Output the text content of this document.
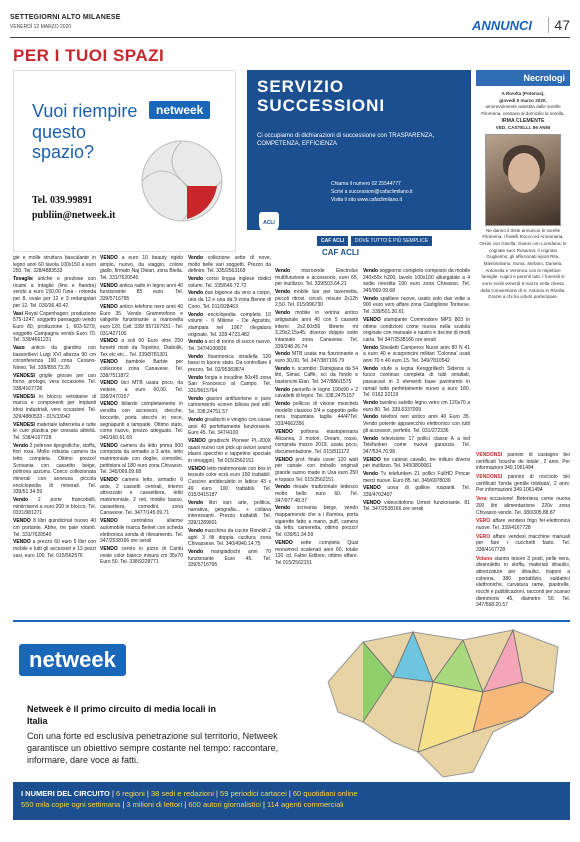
SETTEGIORNI ALTO MILANESE
VENERDÌ 12 MARZO 2020	ANNUNCI	47
PER I TUOI SPAZI
Vuoi riempire questo spazio?
netweek
Tel. 039.99891
publiin@netweek.it
SERVIZIO
SUCCESSIONI
Ci occupiamo di dichiarazioni di successione con TRASPARENZA, COMPETENZA, EFFICIENZA
Chiama il numero 02 25544777
Scrivi a successioni@cafaclimilano.it
Visita il sito www.cafaclimilano.it
ACLI
CAF ACLI	DOVE TUTTO È PIÙ SEMPLICE
CAF ACLI
Necrologi
A Rivolta (Potenza),
giovedì 5 marzo 2020,
amorevolmente assistita dalle sorelle Filomena, cessava al domicilio la sorella,
IRMA CLEMENTE
VED. CASTELLI, 86 ANNI
Ne danno il triste annuncio le sorelle Filomena, i fratelli Rocco ed Annamaria, Orsini con Gisella, Gianni con Loredana; le cognate suor Rosanna; il cognato Guglielmo; gli affezionati nipoti Rita, Massimiliano, Sonia, Stefano, Daniela, Antonella e Veronica con le rispettive famiglie, cugini e parenti tutti. I funerali si sono svolti venerdì 6 marzo nella chiesa della Conversione di S. Antonio in Rivolta. Grazie a chi ha voluto partecipare.

gie e molle struttura basculante in legno anni 60 tavola 100x150 a euro 250. Tel. 328/4883533

Tovaglie uniche e preziose con ricami a intaglio (lino e fiandra) vendo a euro 150,00 l'una - rotonda per 8, ovale per 12 e 3 rettangolari per 12. Tel. 030/36.40.42

Vasi Royal Copenhagen: produzione 575-1247, soggetto paesaggio vendo Euro 80, produzione 1, 603-5279, soggetto Campagna vendo Euro 70. Tel. 339/4661231

Vaso antico da giardino con bassorilievi Luigi XVI altezza 90 cm circonferenza 190 zona Cesano-Ninno. Tel. 339/858.73.26

VENDESI griglie grosse per uso forno, prologo, vera occasione. Tel. 338/4167728

VENDESI in blocco vetrataine di marca e componenti per impianti idrici industriali, vere occasioni. Tel. 329/4880533 - 015/33042

VENDESI materiale latterreria e tutte le cure plastica per cessata attività. Tel. 338/4167728

Vendo 2 poltrone tipografiche, stoffa, fiori rosa. Molto robusta camera da letto completa. Ottimo prezzo! Scrivania con cassetto beige, poltrona azzurra. Conco collezionata minerali con annessa piccola enciclopedia di minerali. Tel. 339/51.34.59

Vendo 2 porte francobolli, miniirriservi a euro 200 in blocco. Tel. 0331/981271

VENDO 8 libri quindicinal nuovo 40 cm portante. Abhe, tre pale rotanti. Tel. 331/7620540

VENDO a prezzo 60 euro 5 libri con mobile e tutti gli accessori e 13 pezzi vasi, euro 100. Tel. 015/562576

VENDO a euro 10 beauty rigido ampio, nuovo, da viaggio, colore giallo, firmato Naj Oleari, zona Biella. Tel. 331/7620540

VENDO antica radio in legno anni 40 funzionante 85 euro. Tel. 339/5716795

VENDO antico telefono nero anni 40 Euro 35. Vendo Grammofono e valigette funzionante a manovella euro 120. Cell. 339/ 957167931 - Tel. 031/427100

VENDO a soli 60 Euro oltre 250 fumetti misti da Topolino, Diabolik, Tex etc etc... Tel. 339/8781301

VENDO bambole Barbie per collezione zona Canavese. Tel. 338/7511872

VENDO bici MTB usata poco, da vedere, a euro 60,00. Tel. 338/2470157

VENDO biliardo completamente in vendita con accessori, stecche, boccette, porta stecchi in noce, segnapunti a lampade. Ottimo stato, come nuovo, prezzo adeguato. Tel. 340/160.61.69

VENDO camera da letto prima 900 composta da armadio a 3 ante, letto matrimoniale con doghe, comodini, pettiniera al 180 euro zona Chivasso. Tel. 345/069.09.68

VENDO camera letto, armadio 6 ante, 2 cassetti centrali, interno attrezzato e cassettiera, letto matrimoniale, 2 reti, mobile basso, cassettiera, comodini, zona Canavese. Tel. 3477/145.09.71

VENDO centralina allarme automobile marca Beinet con scheda elettronica sonda di rilevamento. Tel. 347/2538166 ore serali

VENDO centro in pizzo di Cantù ovale color bianco misura cm 35x70 Euro 50. Tel. 338/9228771

Vendo collezione sette di nove, molto belle vari soggetti. Prezzo da definire. Tel. 335/2563169

Vendo corso lingua inglese dodici volumi. Tel. 335/646.72.72

Vendo due bigonce da vino a corpo, una da 12 e una da 9 zona Benne di Corio. Tel. 011/928463

Vendo enciclopedia completa 10 volumi - Il Milione - De Agostini, stampata nel 1967 rilegatura originale. Tel. 328-4723.482

Vendo a sci di torino di succo nuovo. Tel. 347/4100836

Vendo fisarmonica stradella 120 bassi in buono stato. Da controllare il prezzo. Tel. 02/95383874

Vendo forgia e incudine 50x45 zona San Francesco al Campo. Tel. 331/9615764

Vendo giaconi antifuortone e pure camomeinfo scoren biliosa ped edil. Tel. 338.24751.57

Vendo giradischi e vinigrio con casse anni 40 perfettamente funzionante. Euro 45. Tel. 347/4100

VENDO giradischi Pioneer PL-200X quasi nuovo con pick up avicei sound idasoi specchio e tappetino speciale in omaggio). Tel 015/2562151

VENDO letto matrimoniale con box in tessuto color ecrù euro 150 trattabili. Cuscino antidecubito in lattice 43 x 49 euro 100 trattabili. Tel. 015/3415187

Vendo libri vari: arte, politica, narrativa, geografia... + collana interessanti. Prezzo trattabili. Tel. 339/1289601

Vendo macchina da cucire Rimoldi 2 aghi 3 fili doppia cucitura zona Chivassese. Tel. 340/4940.14.75

Vendo mangiadischi anni 70 funzionante Euro 45. Tel. 339/5716795

Vendo microonde Electrolux multifunzione e accessorio, euro 65, per inutilizzo. Tel. 339/503.64.21

Vendo mobile bar per tavernetta, piccoli ritrovi, circoli, misure 2x12h 2,50. Tel. 015/996730

Vendo mobile in vetrina antico artigianale anni 40 con 5 cassetti interni 2x2,60x56 librerie mt 3,20x2,15x45, diverso doppio sotto intarsiato zona Canavese. Tel. 339/248.26.74

Vendo MTB usata ma funzionante a euro 30,00. Tel. 347/387106.79

Vendo n. scambio: Damigiana da 54 litri, Simac Caffè, sci da fondo e bastoncini Elan. Tel. 347/886/1575

Vendo pannello in legno 190x90 + 2 cavalletti di legno. Tel. 338.2475157

Vendo pellicce di visone mescheb modello classico 2/4 e cappotto pelle nera trapuntata taglia 44/47Tel. 333/4662356

VENDO poltrona elastopersana Alicanna, 3 motori, Dream, rosso, comprata marzo 2019, usata poco, documentazione. Tel. 015/811172

VENDO prof. finale cover 120 watt per canale con imballo originali grande suono made in Usa euro 250 e topaco Tel. 015/2562151

Vendo riesale tradizionale tedesco molto bello euro 60. Tel. 347/977.48.37

Vendo scrivania beige, vendo mappamondo che a i illumina, porta sigarette fatto a mano, puff, camera da letto, cameretta, ottimo prezzo! Tel. 039/51.34.59

VENDO sette completa Qual monumoci scatenati anni 60, totale 120 cd, Fabio Editore, ottimo affare. Tel 015/2562151

Vendo soggiorno completo composto da mobile 240x50x h200, tavolo 100x100 allungabile a 4 sedie rivestita 190 euro zona Chivasso. Tel. 345/069.09.68

Vendo spalliere nuove, usato solo due volte a 900 euro vero affare zona Castiglione Torinese. Tel. 339/501.30.61

VENDO stampante Commodore MPS 803 in ottime condizioni come nuova nella scatola originale con manuale e nastro e decine di modi carta. Tel 347/2538166 ore serali

Vendo Stivaletti Camperos Nuovi anni 80 N 41 a euro 40 e scarponcini militari 'Colonna' usati anni 70 n 40 euro 15. Tel. 349/7810542

Vendo stufe a legna Kenggrillech Sideros a fuoco continuo completa di tubi smaltati, passacavi in 3 elementi base pavimento in ramail tutto perfettamente nuovo a euro 180. Tel. 0162.32119

Vendo tavolino salotto legno vetro cm 120x70 a euro 80. Tel. 339.6337009

Vendo telefoni neri antico anni 40 Euro 35. Vendo potente apparecchio elettronico con tutti gli accessori, perfetto. Tel. 031/272336

Vendo televisione 17 pollici classe A a led Telefunken come nuova garanzia. Tel. 347/534.70.98

VENDO tre calessi cavallo, tre miliuni diversi per inutilizzo. Tel. 349/3800061

Vendo Tv telefunken 21 pollici FullHD Procar merci nuove. Euro 85. tel. 349/6978039

VENDO uova di galline ruspanti. Tel. 339/4702407

VENDO videocitofono Urmet funzionante. 81 Tel. 347/2538166 ore serali

VENDONSI pannini di castagno bio certificati 'bouche de totale', 2 anni. Per informazioni 349.1061494

VENDONSI pannini di nocciolo bio certificati 'tonda gentile trilobata', 2 anni. Per informazioni 349.1061494

Vera occasione! Betoniera come nuova 200 litri alimentazione 220v zona Chivasso vendo. Tel. 380/305.88.87

VERO affare vendesi frigo fer-elettronica nuove. Tel. 339/4167728

VERO affare vendesi macchine manuali per fare i cucchetti fasto. Tel. 338/4167728

Volano stanno tesoro 3 posti, pelle nera, divanoletto in stoffa, materiali idraulici, attrezzature per idraulici, traponi a colonna, 380 portatilizio, saldatrici elettroniche, curvatura rame, piastrelle, rocchi e pubblicazioni, racconti per scanso diemmorio 45, diametro 50. Tel. 347/568.20.57

netweek
Netweek è il primo circuito di media locali in Italia
Con una forte ed esclusiva penetrazione sul territorio, Netweek garantisce un obiettivo sempre costante nel tempo: raccontare, informare, dare voce ai fatti.
I NUMERI DEL CIRCUITO | 6 regioni | 38 sedi e redazioni | 59 periodici cartacei | 60 quotidiani online
550 mila copie ogni settimana | 3 milioni di lettori | 600 autori giornalistici | 114 agenti commerciali
